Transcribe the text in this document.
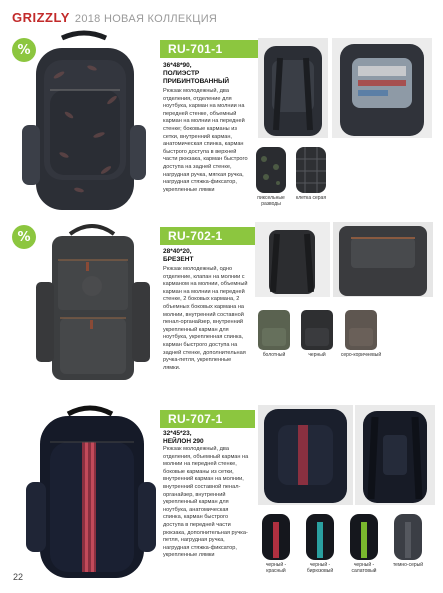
GRIZZLY 2018 НОВАЯ КОЛЛЕКЦИЯ
%	RU-701-1
36*48*90,
ПОЛИЭСТР ПРИБИНТОВАННЫЙ
Рюкзак молодежный, два отделения, отделение для ноутбука, карман на молнии на передней стенке, объемный карман на молнии на передней стенке; боковые карманы из сетки, внутренний карман, анатомическая спинка, карман быстрого доступа в верхней части рюкзака, карман быстрого доступа на задней стенке, нагрудная ручка, мягкая ручка, нагрудная стяжка-фиксатор, укрепленные лямки
пиксельные разводы
клетка серая
%	RU-702-1
28*40*20,
БРЕЗЕНТ
Рюкзак молодежный, одно отделение, клапан на молнии с карманом на молнии, объемный карман на молнии на передней стенке, 2 боковых кармана, 2 объемных боковых кармана на молнии, внутренний составной пенал-органайзер, внутренний укрепленный карман для ноутбука, укрепленная спинка, карман быстрого доступа на задней стенке, дополнительная ручка-петля, укрепленные лямки.
болотный	черный	серо-коричневый
RU-707-1
32*45*23,
НЕЙЛОН 290
Рюкзак молодежный, два отделения, объемный карман на молнии на передней стенке, боковые карманы из сетки, внутренний карман на молнии, внутренний составной пенал-органайзер, внутренний укрепленный карман для ноутбука, анатомическая спинка, карман быстрого доступа в передней части рюкзака, дополнительная ручка-петля, нагрудная ручка, нагрудная стяжка-фиксатор, укрепленные лямки
черный - красный
черный - бирюзовый
черный - салатовый
темно-серый
22
